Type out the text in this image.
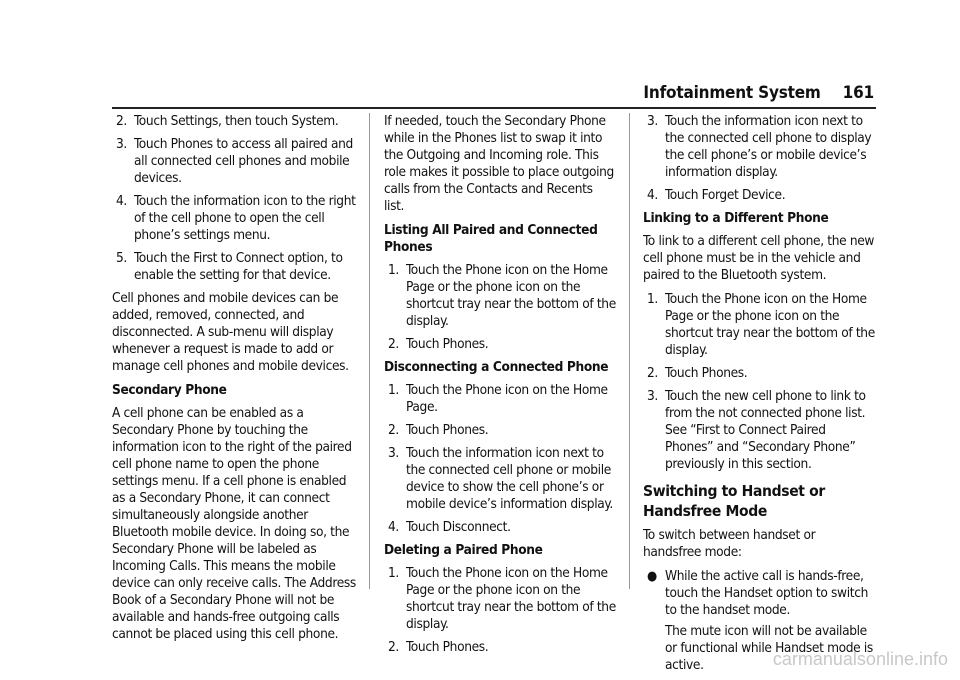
Infotainment System 161
2. Touch Settings, then touch System.
3. Touch Phones to access all paired and all connected cell phones and mobile devices.
4. Touch the information icon to the right of the cell phone to open the cell phone’s settings menu.
5. Touch the First to Connect option, to enable the setting for that device.

Cell phones and mobile devices can be added, removed, connected, and disconnected. A sub-menu will display whenever a request is made to add or manage cell phones and mobile devices.

Secondary Phone

A cell phone can be enabled as a Secondary Phone by touching the information icon to the right of the paired cell phone name to open the phone settings menu. If a cell phone is enabled as a Secondary Phone, it can connect simultaneously alongside another Bluetooth mobile device. In doing so, the Secondary Phone will be labeled as Incoming Calls. This means the mobile device can only receive calls. The Address Book of a Secondary Phone will not be available and hands-free outgoing calls cannot be placed using this cell phone.

If needed, touch the Secondary Phone while in the Phones list to swap it into the Outgoing and Incoming role. This role makes it possible to place outgoing calls from the Contacts and Recents list.

Listing All Paired and Connected Phones
1. Touch the Phone icon on the Home Page or the phone icon on the shortcut tray near the bottom of the display.
2. Touch Phones.
Disconnecting a Connected Phone
1. Touch the Phone icon on the Home Page.
2. Touch Phones.
3. Touch the information icon next to the connected cell phone or mobile device to show the cell phone’s or mobile device’s information display.
4. Touch Disconnect.
Deleting a Paired Phone
1. Touch the Phone icon on the Home Page or the phone icon on the shortcut tray near the bottom of the display.
2. Touch Phones.
3. Touch the information icon next to the connected cell phone to display the cell phone’s or mobile device’s information display.
4. Touch Forget Device.
Linking to a Different Phone

To link to a different cell phone, the new cell phone must be in the vehicle and paired to the Bluetooth system.

1. Touch the Phone icon on the Home Page or the phone icon on the shortcut tray near the bottom of the display.
2. Touch Phones.
3. Touch the new cell phone to link to from the not connected phone list. See “First to Connect Paired Phones” and “Secondary Phone” previously in this section.
Switching to Handset or Handsfree Mode

To switch between handset or handsfree mode:

● While the active call is hands-free, touch the Handset option to switch to the handset mode.
The mute icon will not be available or functional while Handset mode is active.	carmanualsonline.info
